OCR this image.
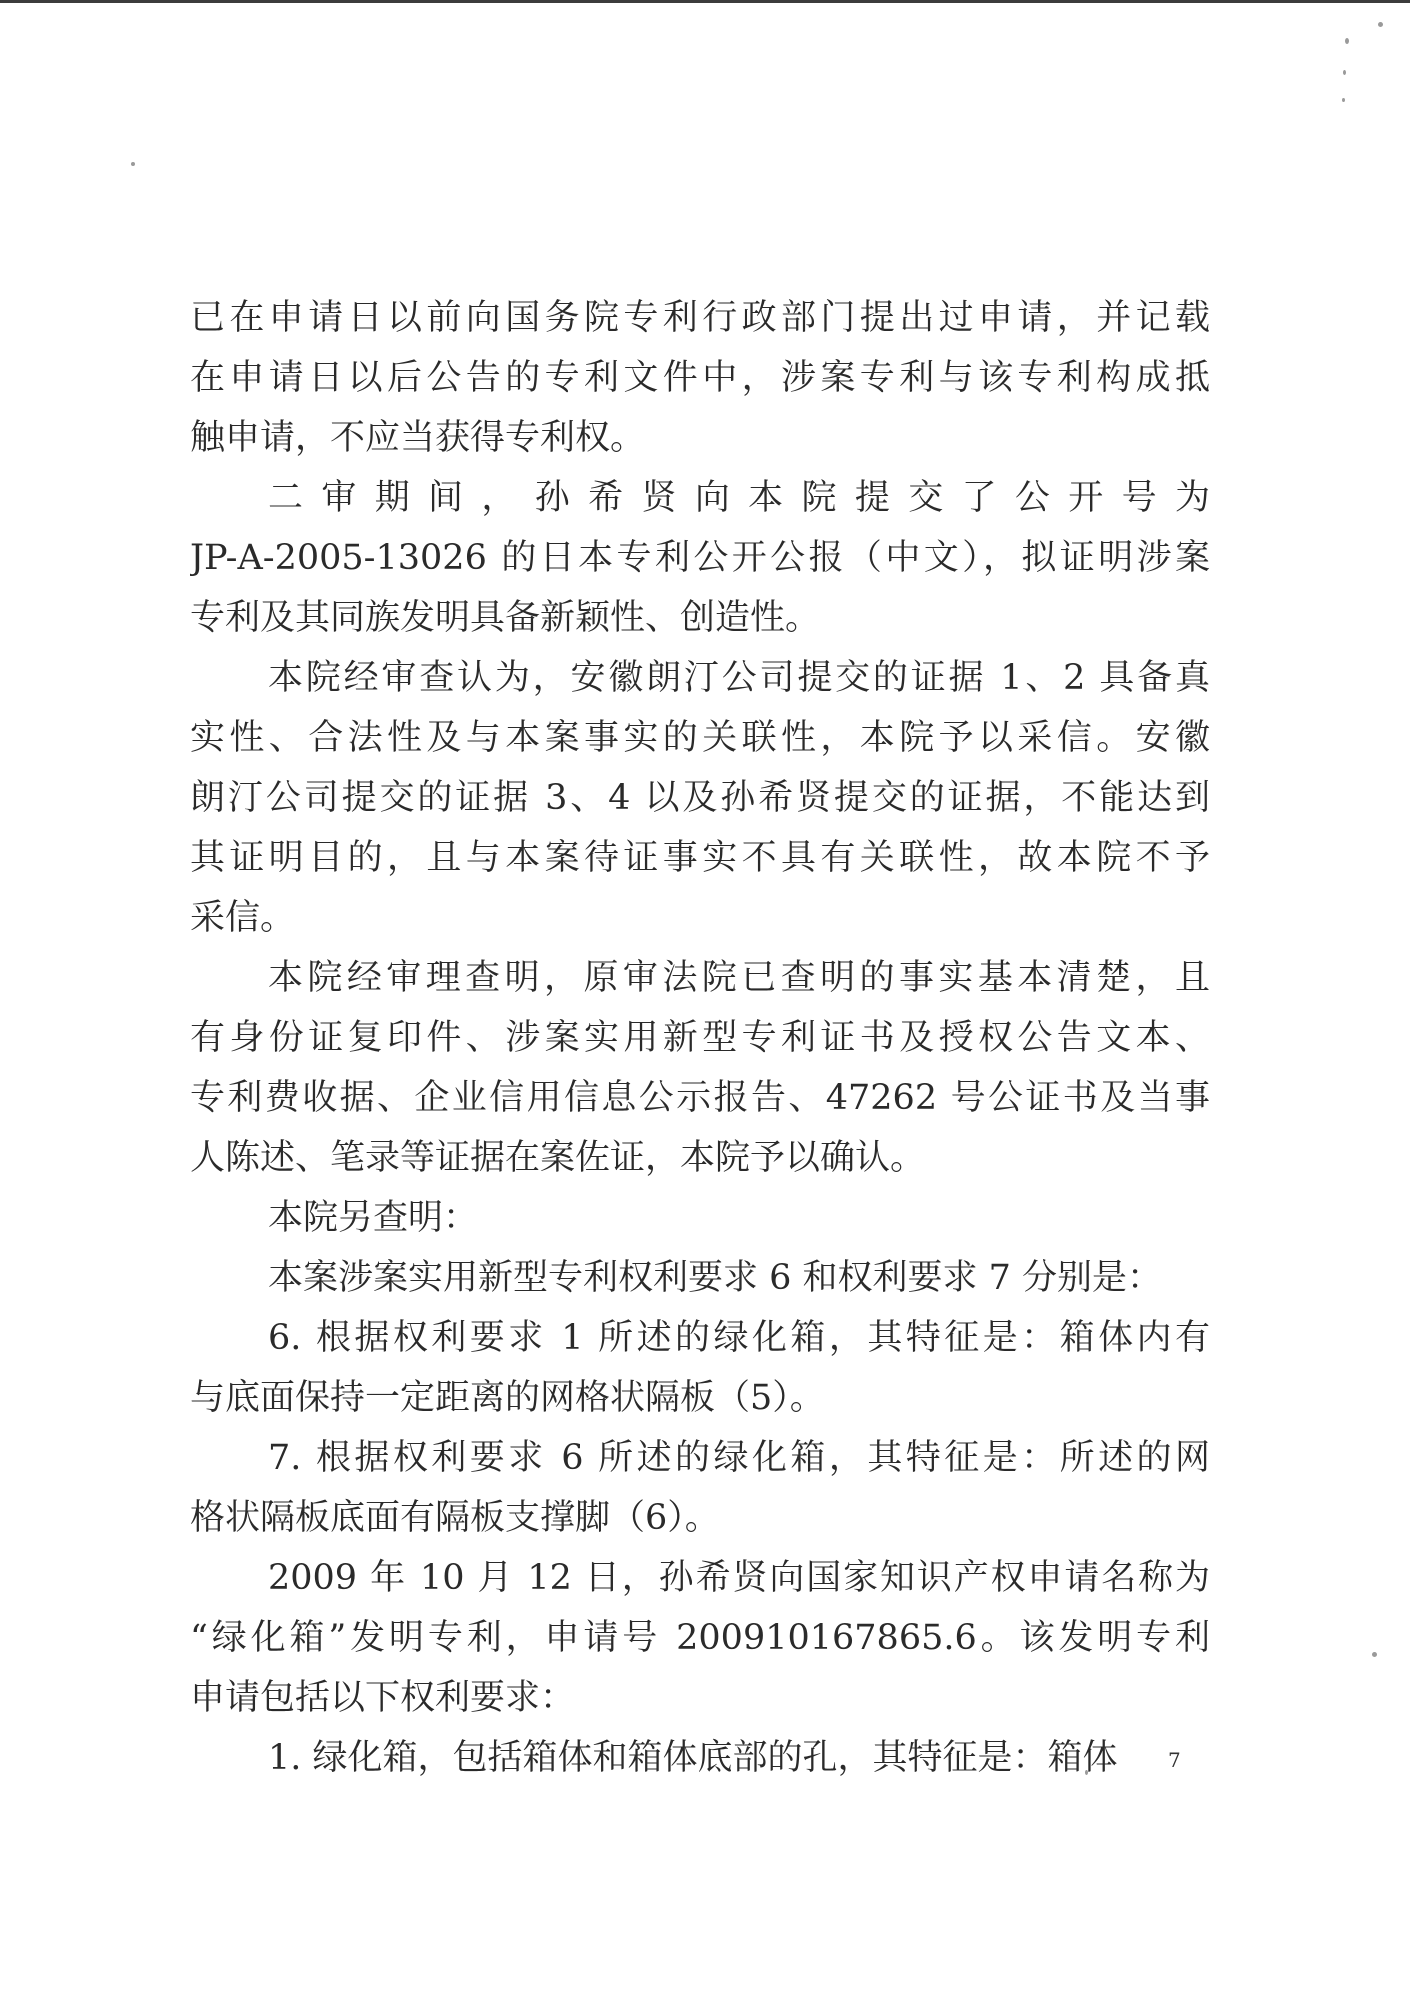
已在申请日以前向国务院专利行政部门提出过申请，并记载
在申请日以后公告的专利文件中，涉案专利与该专利构成抵
触申请，不应当获得专利权。
二审期间，孙希贤向本院提交了公开号为
JP-A-2005-13026 的日本专利公开公报（中文），拟证明涉案
专利及其同族发明具备新颖性、创造性。
本院经审查认为，安徽朗汀公司提交的证据 1、2 具备真
实性、合法性及与本案事实的关联性，本院予以采信。安徽
朗汀公司提交的证据 3、4 以及孙希贤提交的证据，不能达到
其证明目的，且与本案待证事实不具有关联性，故本院不予
采信。
本院经审理查明，原审法院已查明的事实基本清楚，且
有身份证复印件、涉案实用新型专利证书及授权公告文本、
专利费收据、企业信用信息公示报告、47262 号公证书及当事
人陈述、笔录等证据在案佐证，本院予以确认。
本院另查明：
本案涉案实用新型专利权利要求 6 和权利要求 7 分别是：
6. 根据权利要求 1 所述的绿化箱，其特征是：箱体内有
与底面保持一定距离的网格状隔板（5）。
7. 根据权利要求 6 所述的绿化箱，其特征是：所述的网
格状隔板底面有隔板支撑脚（6）。
2009 年 10 月 12 日，孙希贤向国家知识产权申请名称为
“绿化箱”发明专利，申请号 200910167865.6。该发明专利
申请包括以下权利要求：
1. 绿化箱，包括箱体和箱体底部的孔，其特征是：箱体	7
